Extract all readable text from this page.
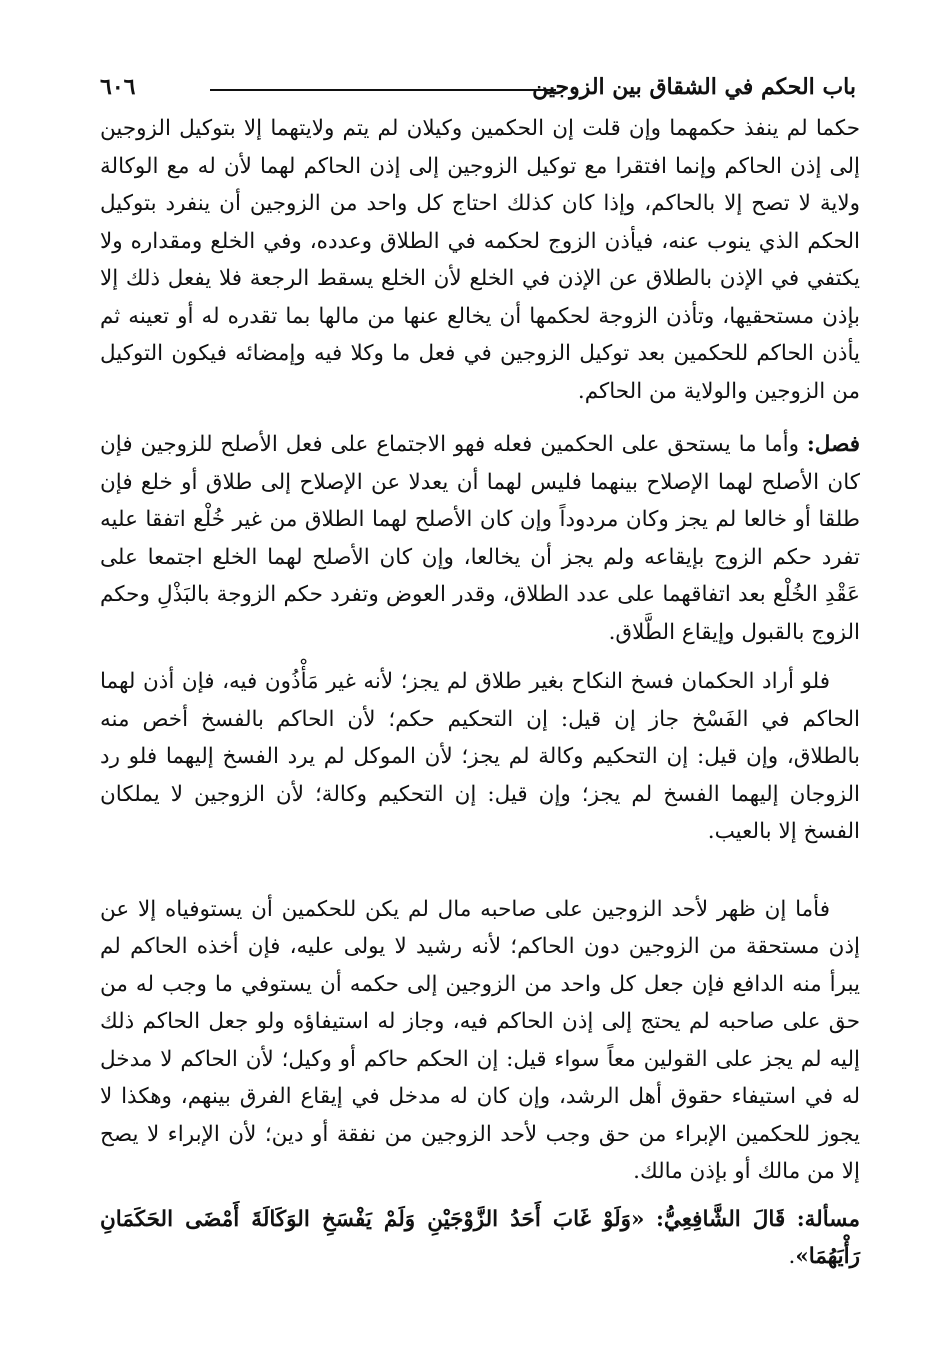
باب الحكم في الشقاق بين الزوجين
٦٠٦

حكما لم ينفذ حكمهما وإن قلت إن الحكمين وكيلان لم يتم ولايتهما إلا بتوكيل الزوجين إلى إذن الحاكم وإنما افتقرا مع توكيل الزوجين إلى إذن الحاكم لهما لأن له مع الوكالة ولاية لا تصح إلا بالحاكم، وإذا كان كذلك احتاج كل واحد من الزوجين أن ينفرد بتوكيل الحكم الذي ينوب عنه، فيأذن الزوج لحكمه في الطلاق وعدده، وفي الخلع ومقداره ولا يكتفي في الإذن بالطلاق عن الإذن في الخلع لأن الخلع يسقط الرجعة فلا يفعل ذلك إلا بإذن مستحقيها، وتأذن الزوجة لحكمها أن يخالع عنها من مالها بما تقدره له أو تعينه ثم يأذن الحاكم للحكمين بعد توكيل الزوجين في فعل ما وكلا فيه وإمضائه فيكون التوكيل من الزوجين والولاية من الحاكم.

فصل: وأما ما يستحق على الحكمين فعله فهو الاجتماع على فعل الأصلح للزوجين فإن كان الأصلح لهما الإصلاح بينهما فليس لهما أن يعدلا عن الإصلاح إلى طلاق أو خلع فإن طلقا أو خالعا لم يجز وكان مردوداً وإن كان الأصلح لهما الطلاق من غير خُلْع اتفقا عليه تفرد حكم الزوج بإيقاعه ولم يجز أن يخالعا، وإن كان الأصلح لهما الخلع اجتمعا على عَقْدِ الخُلْع بعد اتفاقهما على عدد الطلاق، وقدر العوض وتفرد حكم الزوجة بالبَذْلِ وحكم الزوج بالقبول وإيقاع الطَّلاق.

فلو أراد الحكمان فسخ النكاح بغير طلاق لم يجز؛ لأنه غير مَأْذُون فيه، فإن أذن لهما الحاكم في الفَسْخ جاز إن قيل: إن التحكيم حكم؛ لأن الحاكم بالفسخ أخص منه بالطلاق، وإن قيل: إن التحكيم وكالة لم يجز؛ لأن الموكل لم يرد الفسخ إليهما فلو رد الزوجان إليهما الفسخ لم يجز؛ وإن قيل: إن التحكيم وكالة؛ لأن الزوجين لا يملكان الفسخ إلا بالعيب.

فأما إن ظهر لأحد الزوجين على صاحبه مال لم يكن للحكمين أن يستوفياه إلا عن إذن مستحقة من الزوجين دون الحاكم؛ لأنه رشيد لا يولى عليه، فإن أخذه الحاكم لم يبرأ منه الدافع فإن جعل كل واحد من الزوجين إلى حكمه أن يستوفي ما وجب له من حق على صاحبه لم يحتج إلى إذن الحاكم فيه، وجاز له استيفاؤه ولو جعل الحاكم ذلك إليه لم يجز على القولين معاً سواء قيل: إن الحكم حاكم أو وكيل؛ لأن الحاكم لا مدخل له في استيفاء حقوق أهل الرشد، وإن كان له مدخل في إيقاع الفرق بينهم، وهكذا لا يجوز للحكمين الإبراء من حق وجب لأحد الزوجين من نفقة أو دين؛ لأن الإبراء لا يصح إلا من مالك أو بإذن مالك.

مسألة: قَالَ الشَّافِعِيُّ: «وَلَوْ غَابَ أَحَدُ الزَّوْجَيْنِ وَلَمْ يَفْسَخِ الوَكَالَةَ أَمْضَى الحَكَمَانِ رَأْيَهُمَا».
